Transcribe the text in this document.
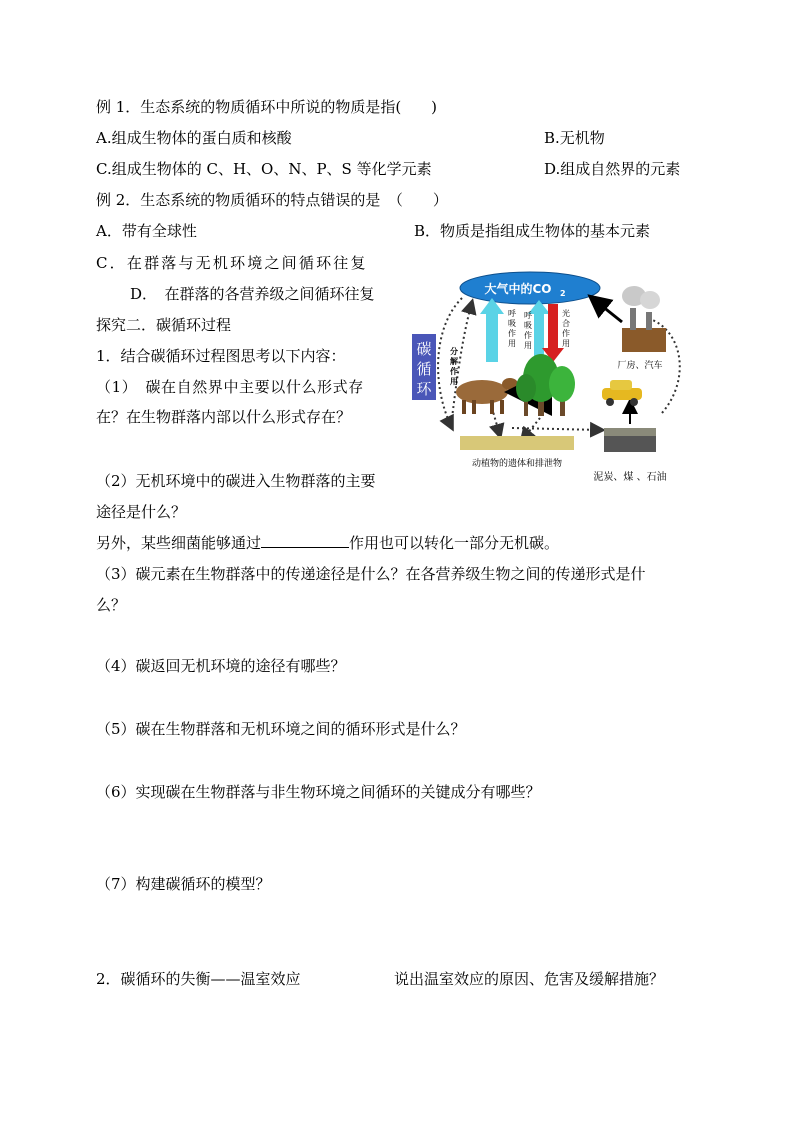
例 1．生态系统的物质循环中所说的物质是指(　　)
A.组成生物体的蛋白质和核酸	B.无机物
C.组成生物体的 C、H、O、N、P、S 等化学元素	D.组成自然界的元素
例 2．生态系统的物质循环的特点错误的是　（　　）
A．带有全球性	B．物质是指组成生物体的基本元素
C．在群落与无机环境之间循环往复
D．　在群落的各营养级之间循环往复
探究二．碳循环过程
1．结合碳循环过程图思考以下内容：
（1）　碳在自然界中主要以什么形式存
在？在生物群落内部以什么形式存在？
（2）无机环境中的碳进入生物群落的主要
途径是什么？
另外，某些细菌能够通过	作用也可以转化一部分无机碳。
（3）碳元素在生物群落中的传递途径是什么？在各营养级生物之间的传递形式是什
么？
（4）碳返回无机环境的途径有哪些？
（5）碳在生物群落和无机环境之间的循环形式是什么？
（6）实现碳在生物群落与非生物环境之间循环的关键成分有哪些？
（7）构建碳循环的模型？
2．碳循环的失衡——温室效应	说出温室效应的原因、危害及缓解措施？
碳
循
环
大气中的CO 2
呼
吸
作
用
呼
吸
作
用
光
合
作
用
分
解
作
用
动植物的遗体和排泄物
泥炭、煤 、石油
厂房、汽车
